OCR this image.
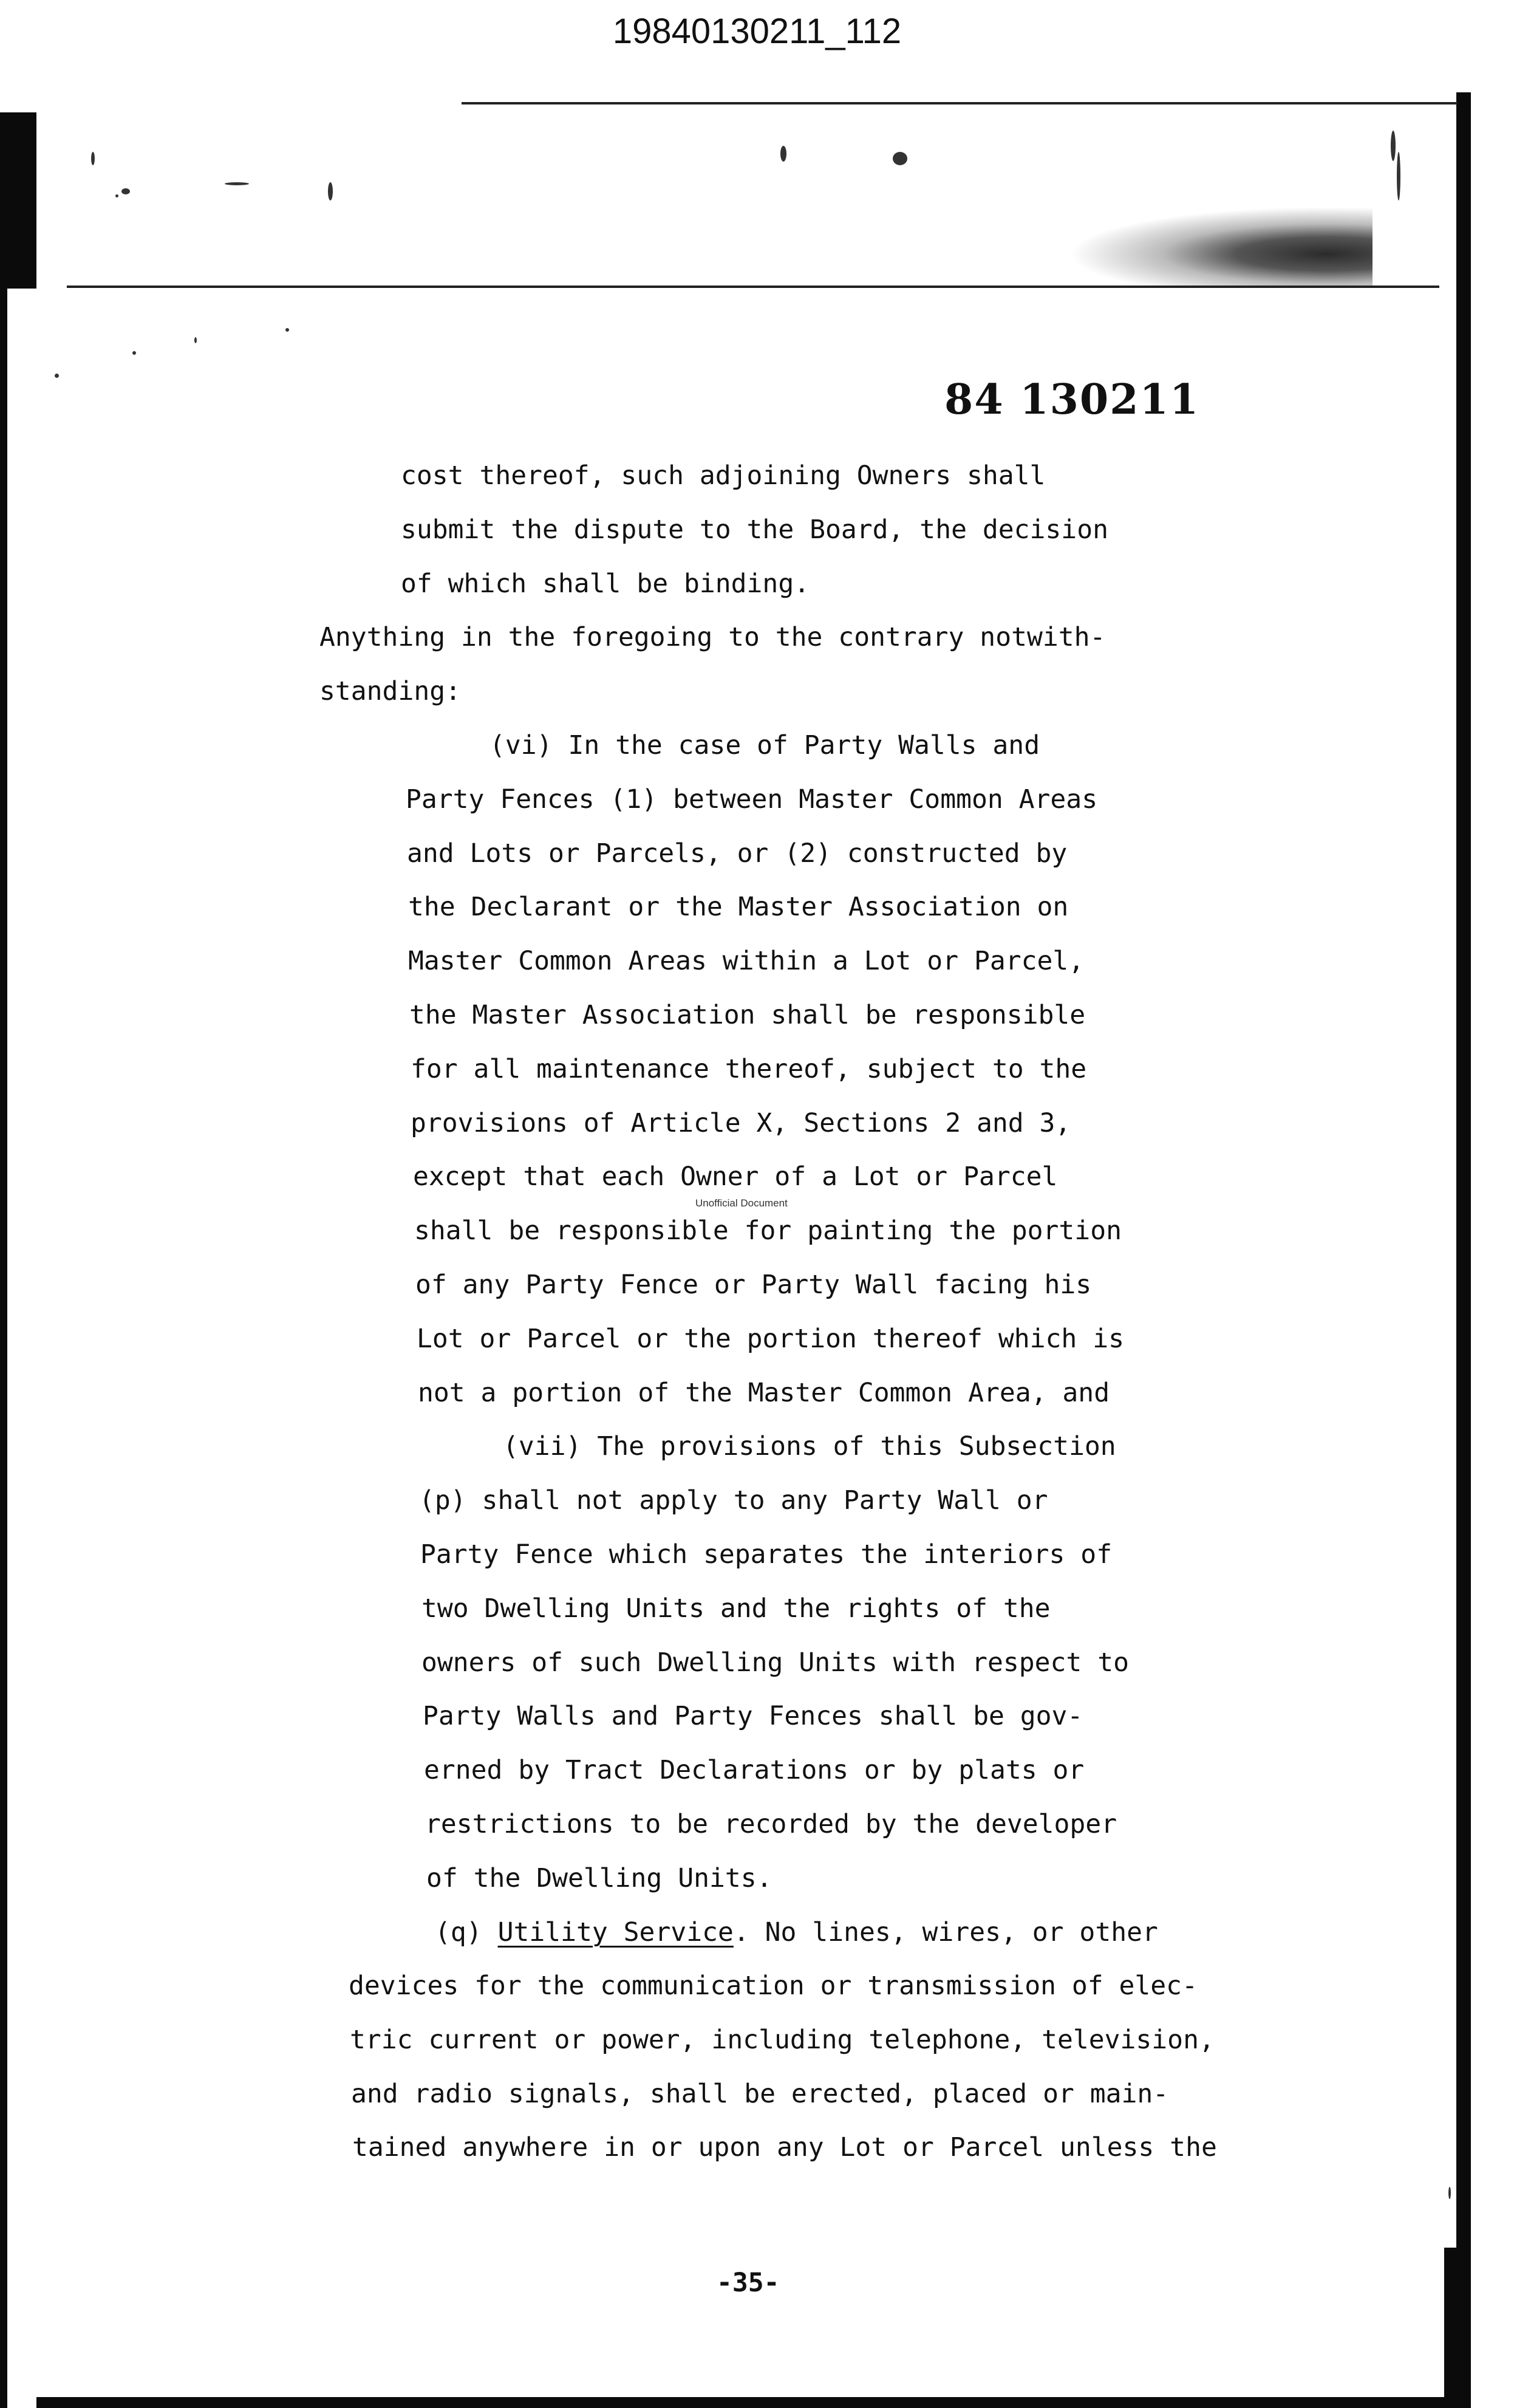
19840130211_112
84 130211
cost thereof, such adjoining Owners shall
submit the dispute to the Board, the decision
of which shall be binding.
Anything in the foregoing to the contrary notwith-
standing:
(vi) In the case of Party Walls and
Party Fences (1) between Master Common Areas
and Lots or Parcels, or (2) constructed by
the Declarant or the Master Association on
Master Common Areas within a Lot or Parcel,
the Master Association shall be responsible
for all maintenance thereof, subject to the
provisions of Article X, Sections 2 and 3,
except that each Owner of a Lot or Parcel
Unofficial Document
shall be responsible for painting the portion
of any Party Fence or Party Wall facing his
Lot or Parcel or the portion thereof which is
not a portion of the Master Common Area, and
(vii) The provisions of this Subsection
(p) shall not apply to any Party Wall or
Party Fence which separates the interiors of
two Dwelling Units and the rights of the
owners of such Dwelling Units with respect to
Party Walls and Party Fences shall be gov-
erned by Tract Declarations or by plats or
restrictions to be recorded by the developer
of the Dwelling Units.
(q) Utility Service. No lines, wires, or other
devices for the communication or transmission of elec-
tric current or power, including telephone, television,
and radio signals, shall be erected, placed or main-
tained anywhere in or upon any Lot or Parcel unless the
-35-
